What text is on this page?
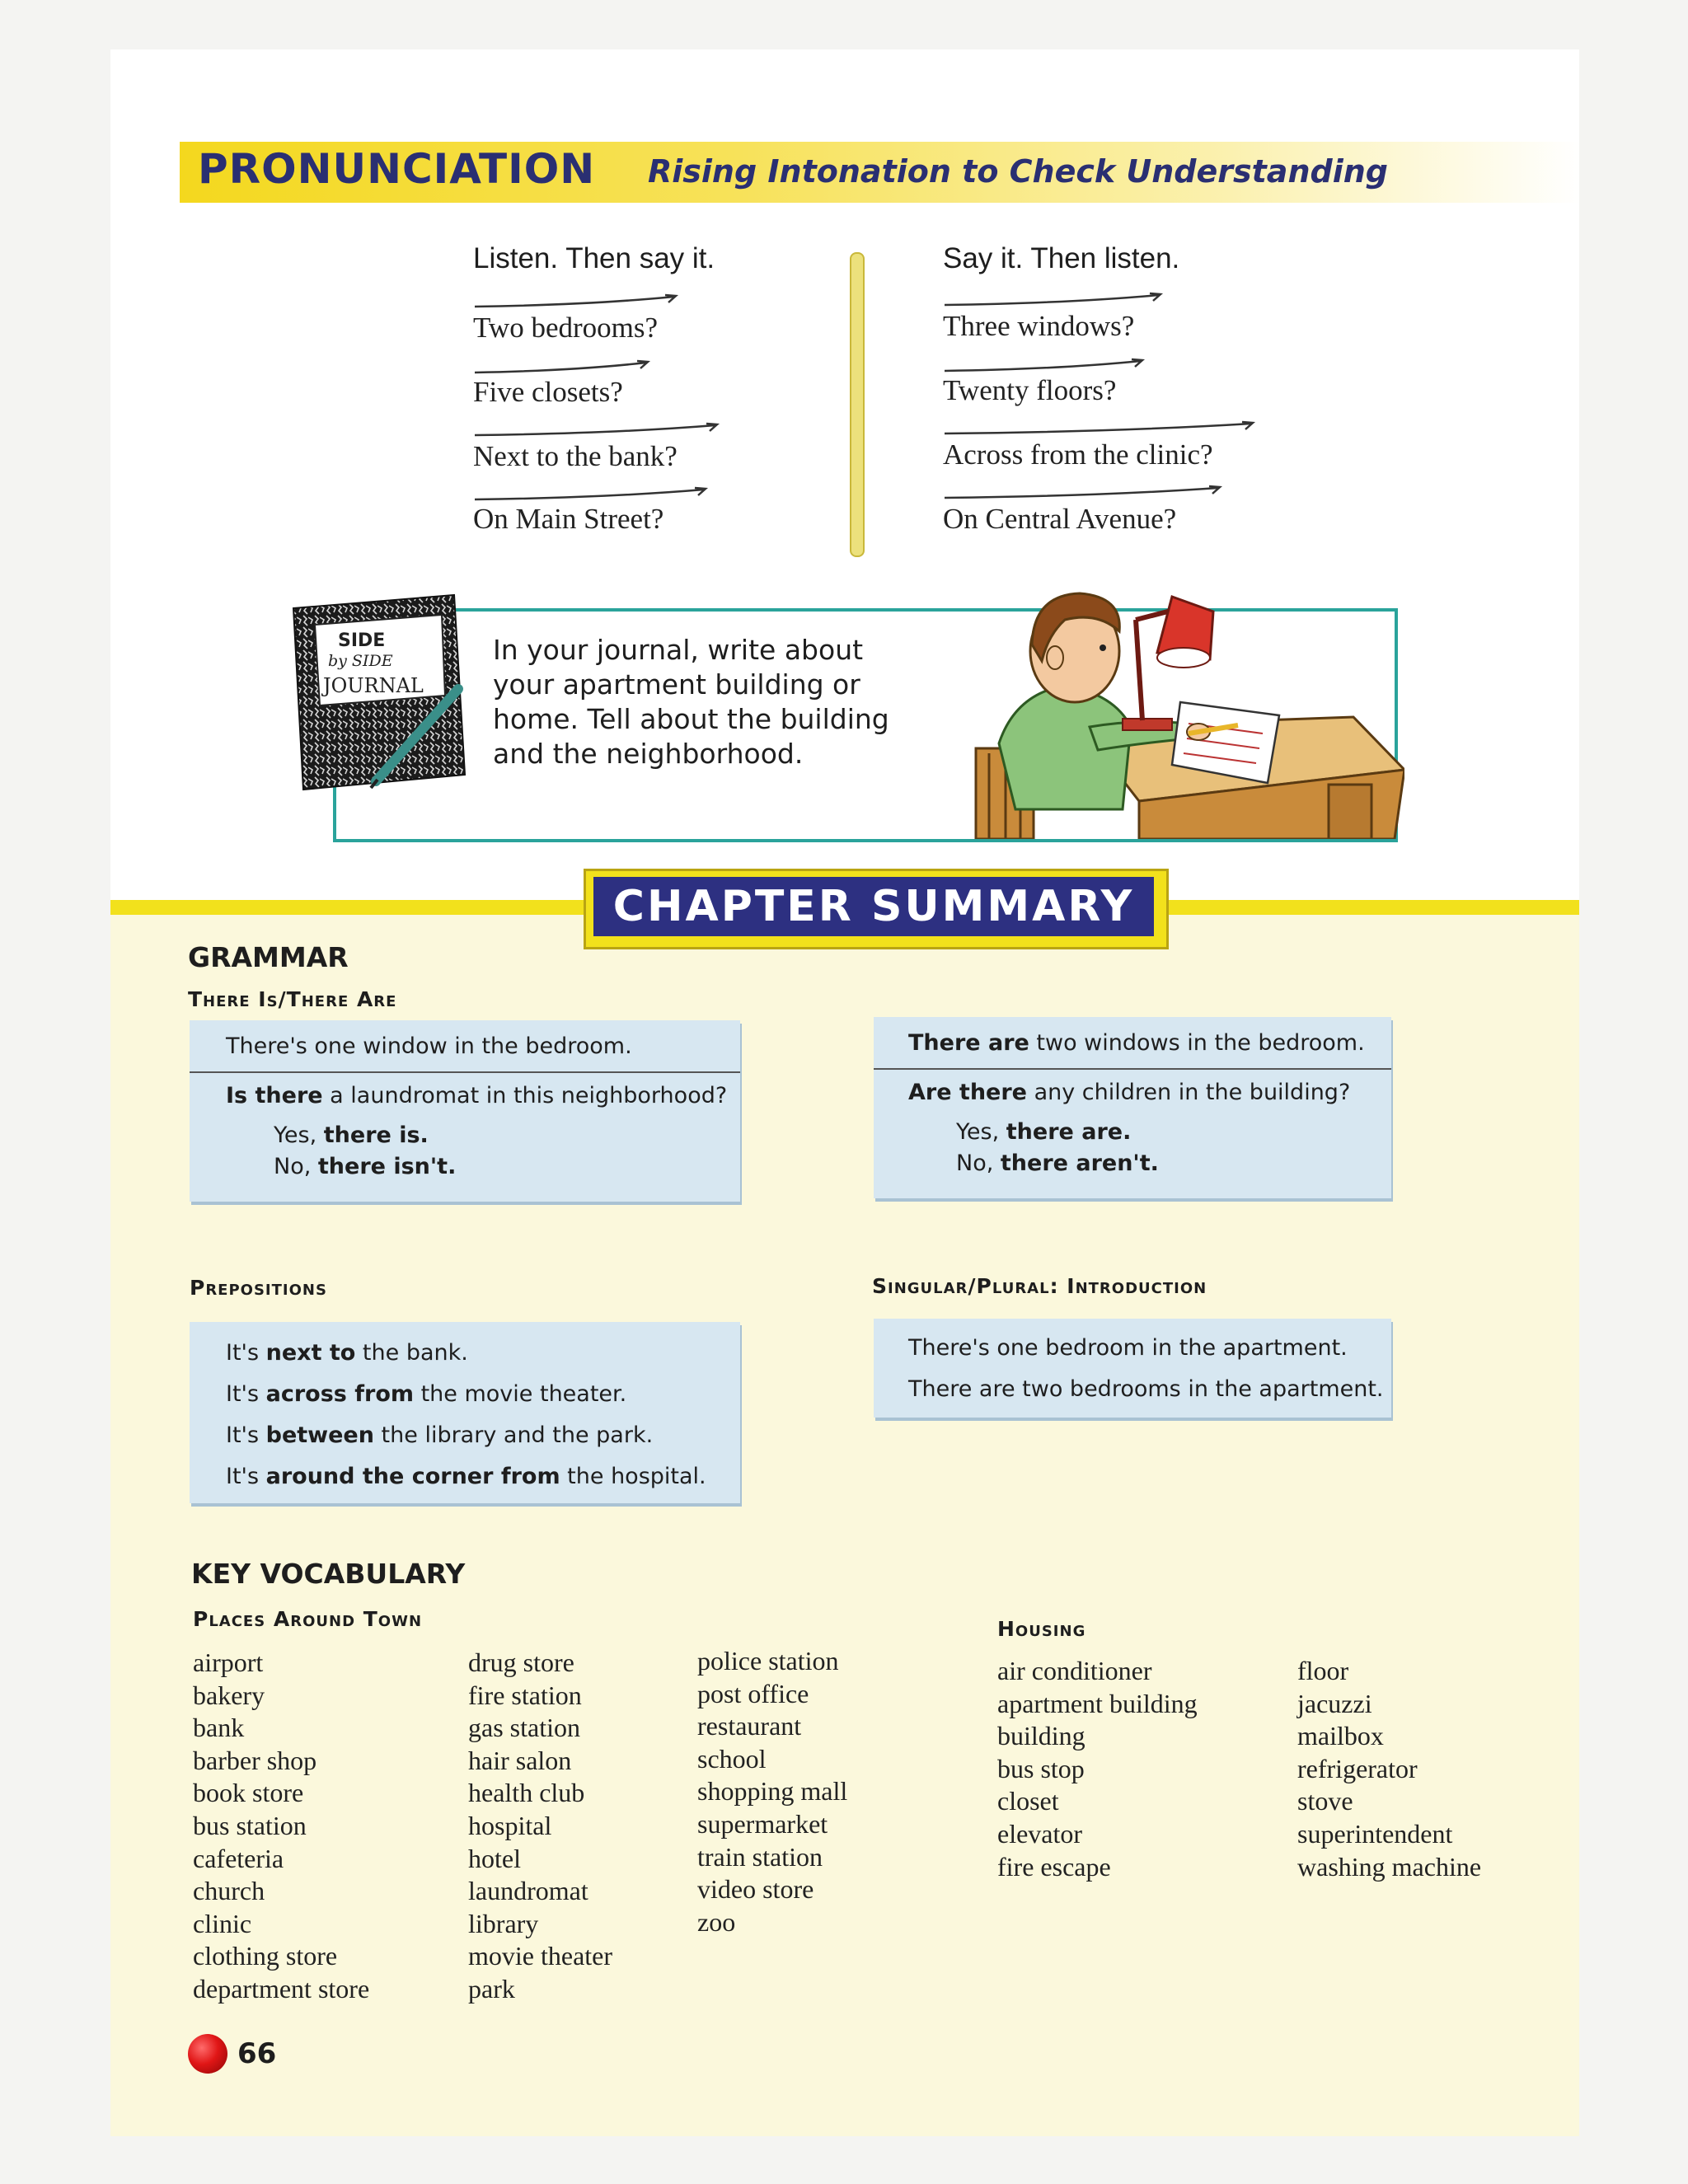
PRONUNCIATION Rising Intonation to Check Understanding
Listen. Then say it.	Say it. Then listen.
Two bedrooms?
Five closets?
Next to the bank?
On Main Street?
Three windows?
Twenty floors?
Across from the clinic?
On Central Avenue?
SIDE
by SIDE
JOURNAL
In your journal, write about
your apartment building or
home. Tell about the building
and the neighborhood.
CHAPTER SUMMARY
GRAMMAR
There Is/There Are
There's one window in the bedroom.
Is there a laundromat in this neighborhood?
Yes, there is.
No, there isn't.
There are two windows in the bedroom.
Are there any children in the building?
Yes, there are.
No, there aren't.
Prepositions	Singular/Plural: Introduction
It's next to the bank.
It's across from the movie theater.
It's between the library and the park.
It's around the corner from the hospital.
There's one bedroom in the apartment.
There are two bedrooms in the apartment.
KEY VOCABULARY
Places Around Town	Housing
airport
bakery
bank
barber shop
book store
bus station
cafeteria
church
clinic
clothing store
department store
drug store
fire station
gas station
hair salon
health club
hospital
hotel
laundromat
library
movie theater
park
police station
post office
restaurant
school
shopping mall
supermarket
train station
video store
zoo
air conditioner
apartment building
building
bus stop
closet
elevator
fire escape
floor
jacuzzi
mailbox
refrigerator
stove
superintendent
washing machine
66
